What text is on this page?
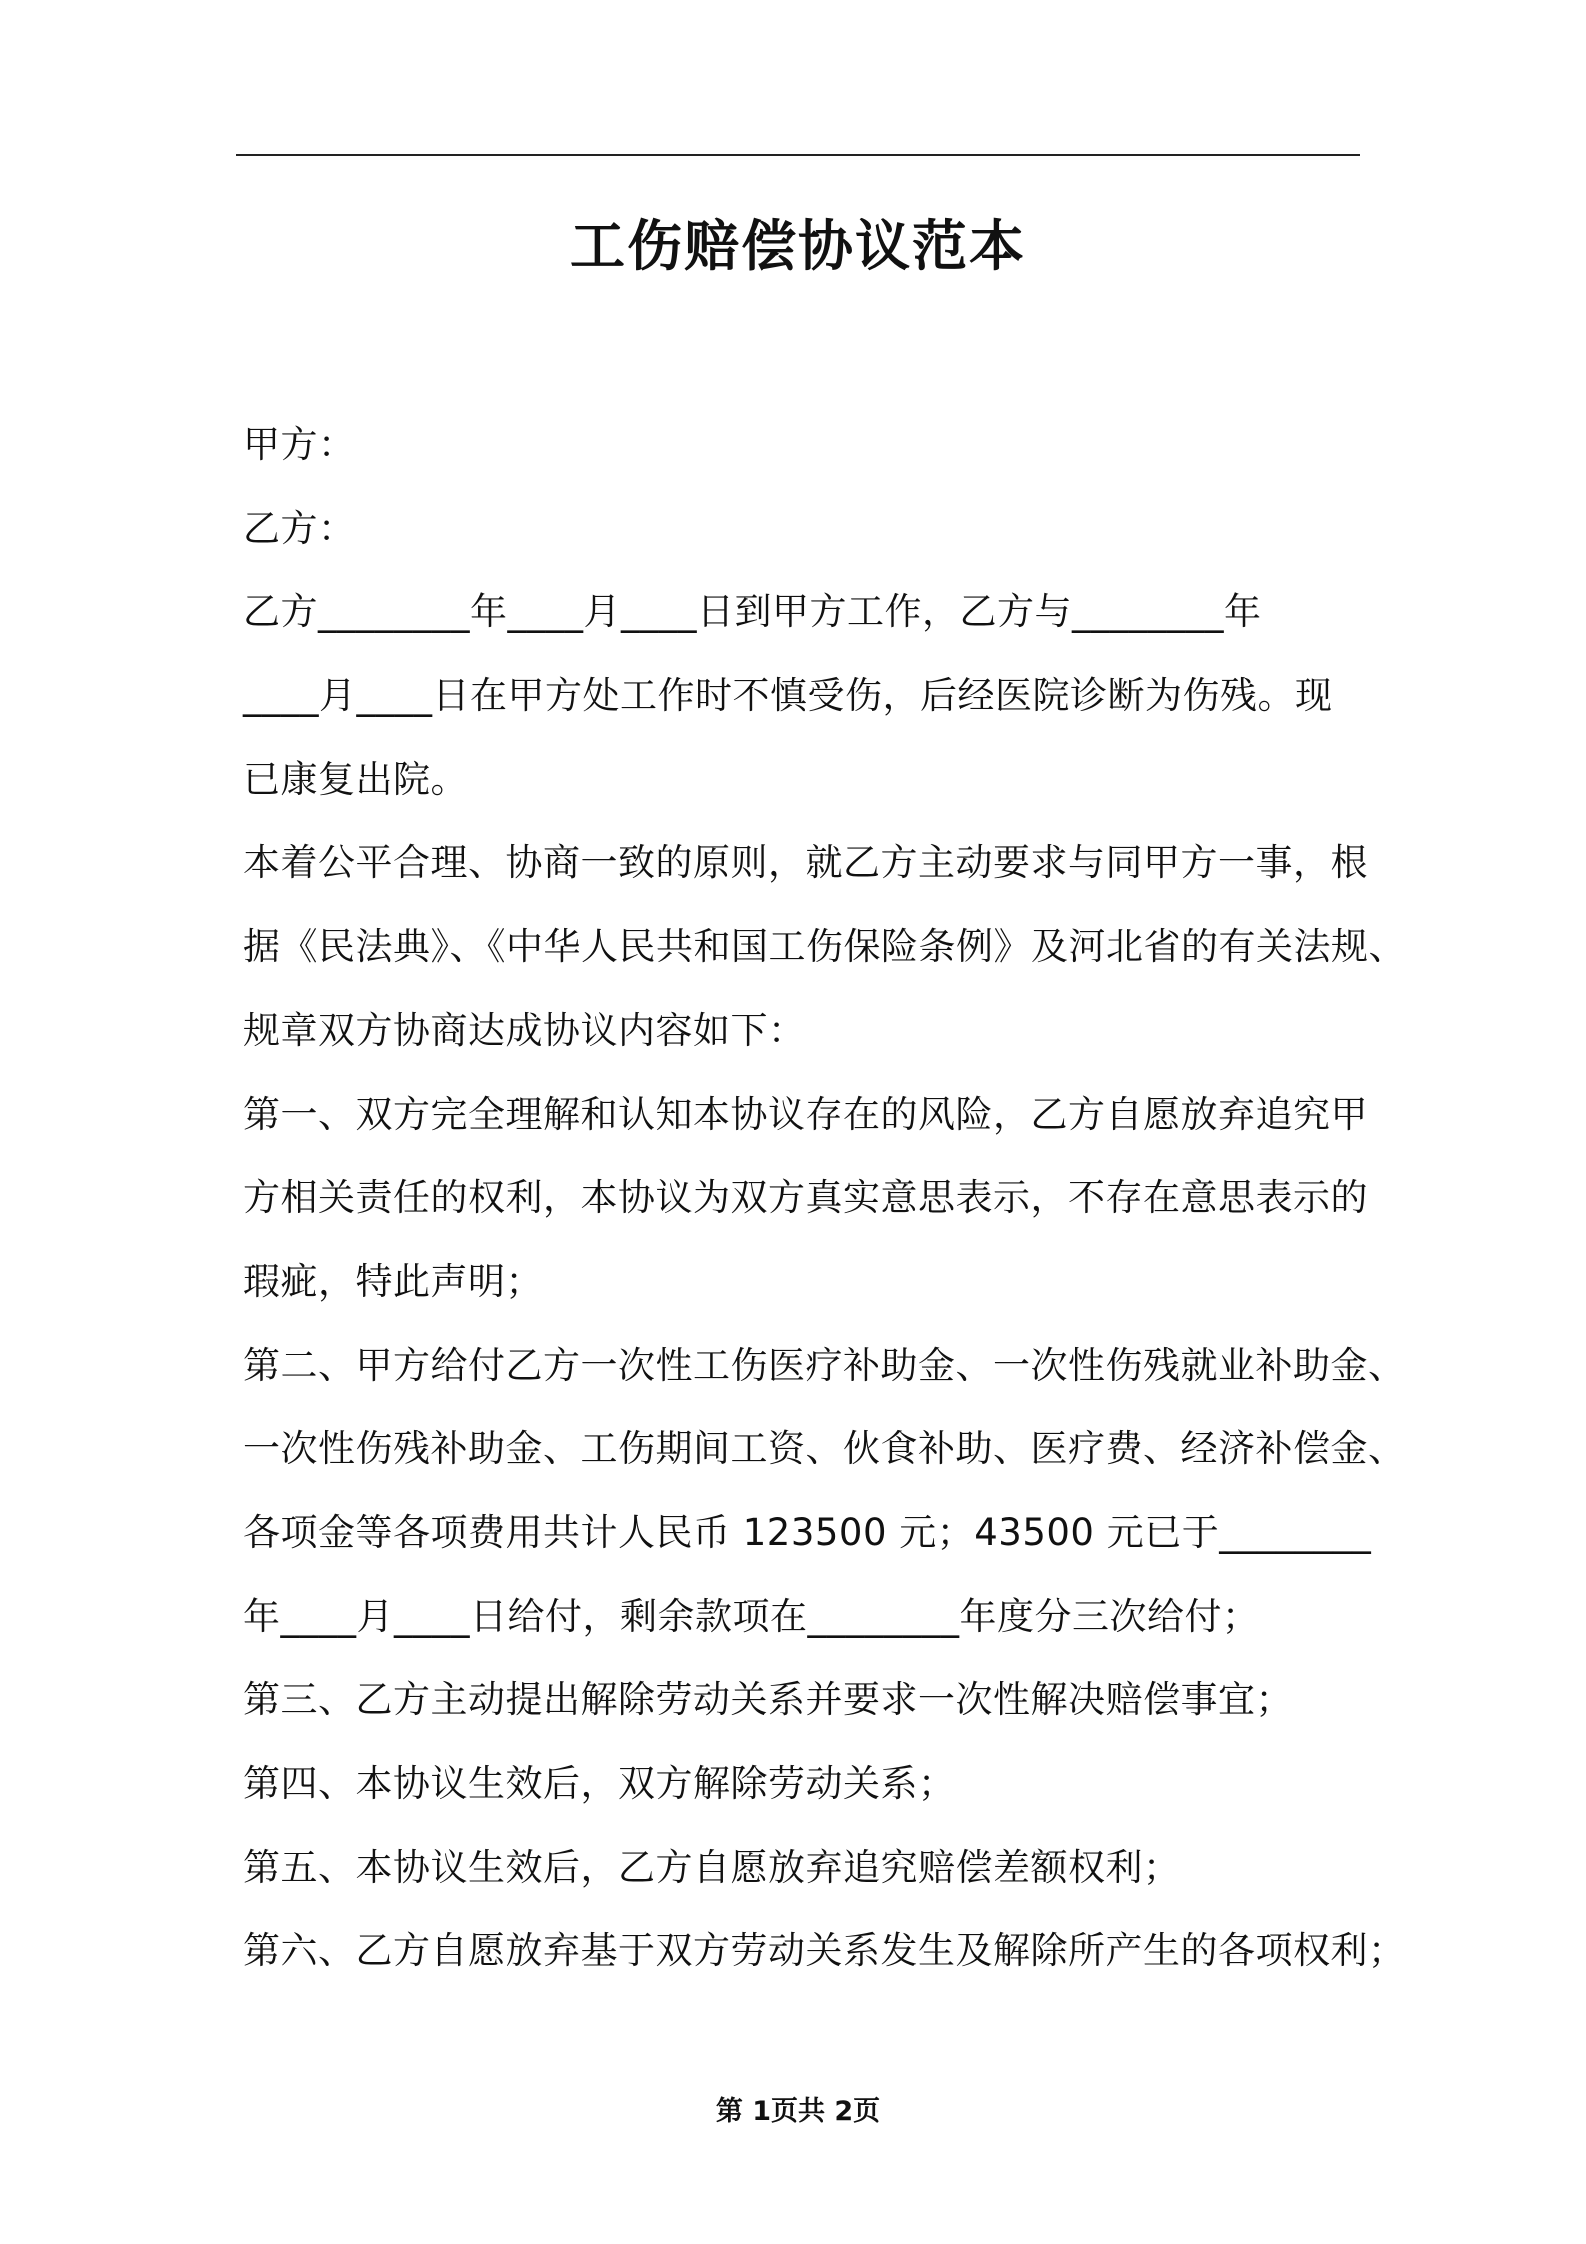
工伤赔偿协议范本
甲方：
乙方：
乙方________年____月____日到甲方工作，乙方与________年
____月____日在甲方处工作时不慎受伤，后经医院诊断为伤残。现
已康复出院。
本着公平合理、协商一致的原则，就乙方主动要求与同甲方一事，根
据《民法典》、《中华人民共和国工伤保险条例》及河北省的有关法规、
规章双方协商达成协议内容如下：
第一、双方完全理解和认知本协议存在的风险，乙方自愿放弃追究甲
方相关责任的权利，本协议为双方真实意思表示，不存在意思表示的
瑕疵，特此声明；
第二、甲方给付乙方一次性工伤医疗补助金、一次性伤残就业补助金、
一次性伤残补助金、工伤期间工资、伙食补助、医疗费、经济补偿金、
各项金等各项费用共计人民币 123500 元；43500 元已于________
年____月____日给付，剩余款项在________年度分三次给付；
第三、乙方主动提出解除劳动关系并要求一次性解决赔偿事宜；
第四、本协议生效后，双方解除劳动关系；
第五、本协议生效后，乙方自愿放弃追究赔偿差额权利；
第六、乙方自愿放弃基于双方劳动关系发生及解除所产生的各项权利；
第 1页共 2页
